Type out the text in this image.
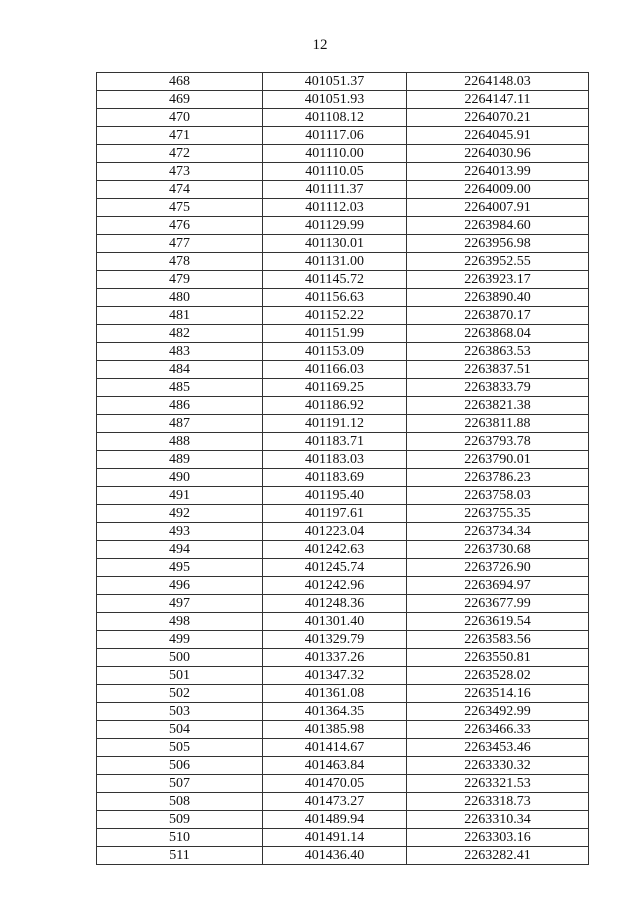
12
468	401051.37	2264148.03
469	401051.93	2264147.11
470	401108.12	2264070.21
471	401117.06	2264045.91
472	401110.00	2264030.96
473	401110.05	2264013.99
474	401111.37	2264009.00
475	401112.03	2264007.91
476	401129.99	2263984.60
477	401130.01	2263956.98
478	401131.00	2263952.55
479	401145.72	2263923.17
480	401156.63	2263890.40
481	401152.22	2263870.17
482	401151.99	2263868.04
483	401153.09	2263863.53
484	401166.03	2263837.51
485	401169.25	2263833.79
486	401186.92	2263821.38
487	401191.12	2263811.88
488	401183.71	2263793.78
489	401183.03	2263790.01
490	401183.69	2263786.23
491	401195.40	2263758.03
492	401197.61	2263755.35
493	401223.04	2263734.34
494	401242.63	2263730.68
495	401245.74	2263726.90
496	401242.96	2263694.97
497	401248.36	2263677.99
498	401301.40	2263619.54
499	401329.79	2263583.56
500	401337.26	2263550.81
501	401347.32	2263528.02
502	401361.08	2263514.16
503	401364.35	2263492.99
504	401385.98	2263466.33
505	401414.67	2263453.46
506	401463.84	2263330.32
507	401470.05	2263321.53
508	401473.27	2263318.73
509	401489.94	2263310.34
510	401491.14	2263303.16
511	401436.40	2263282.41
